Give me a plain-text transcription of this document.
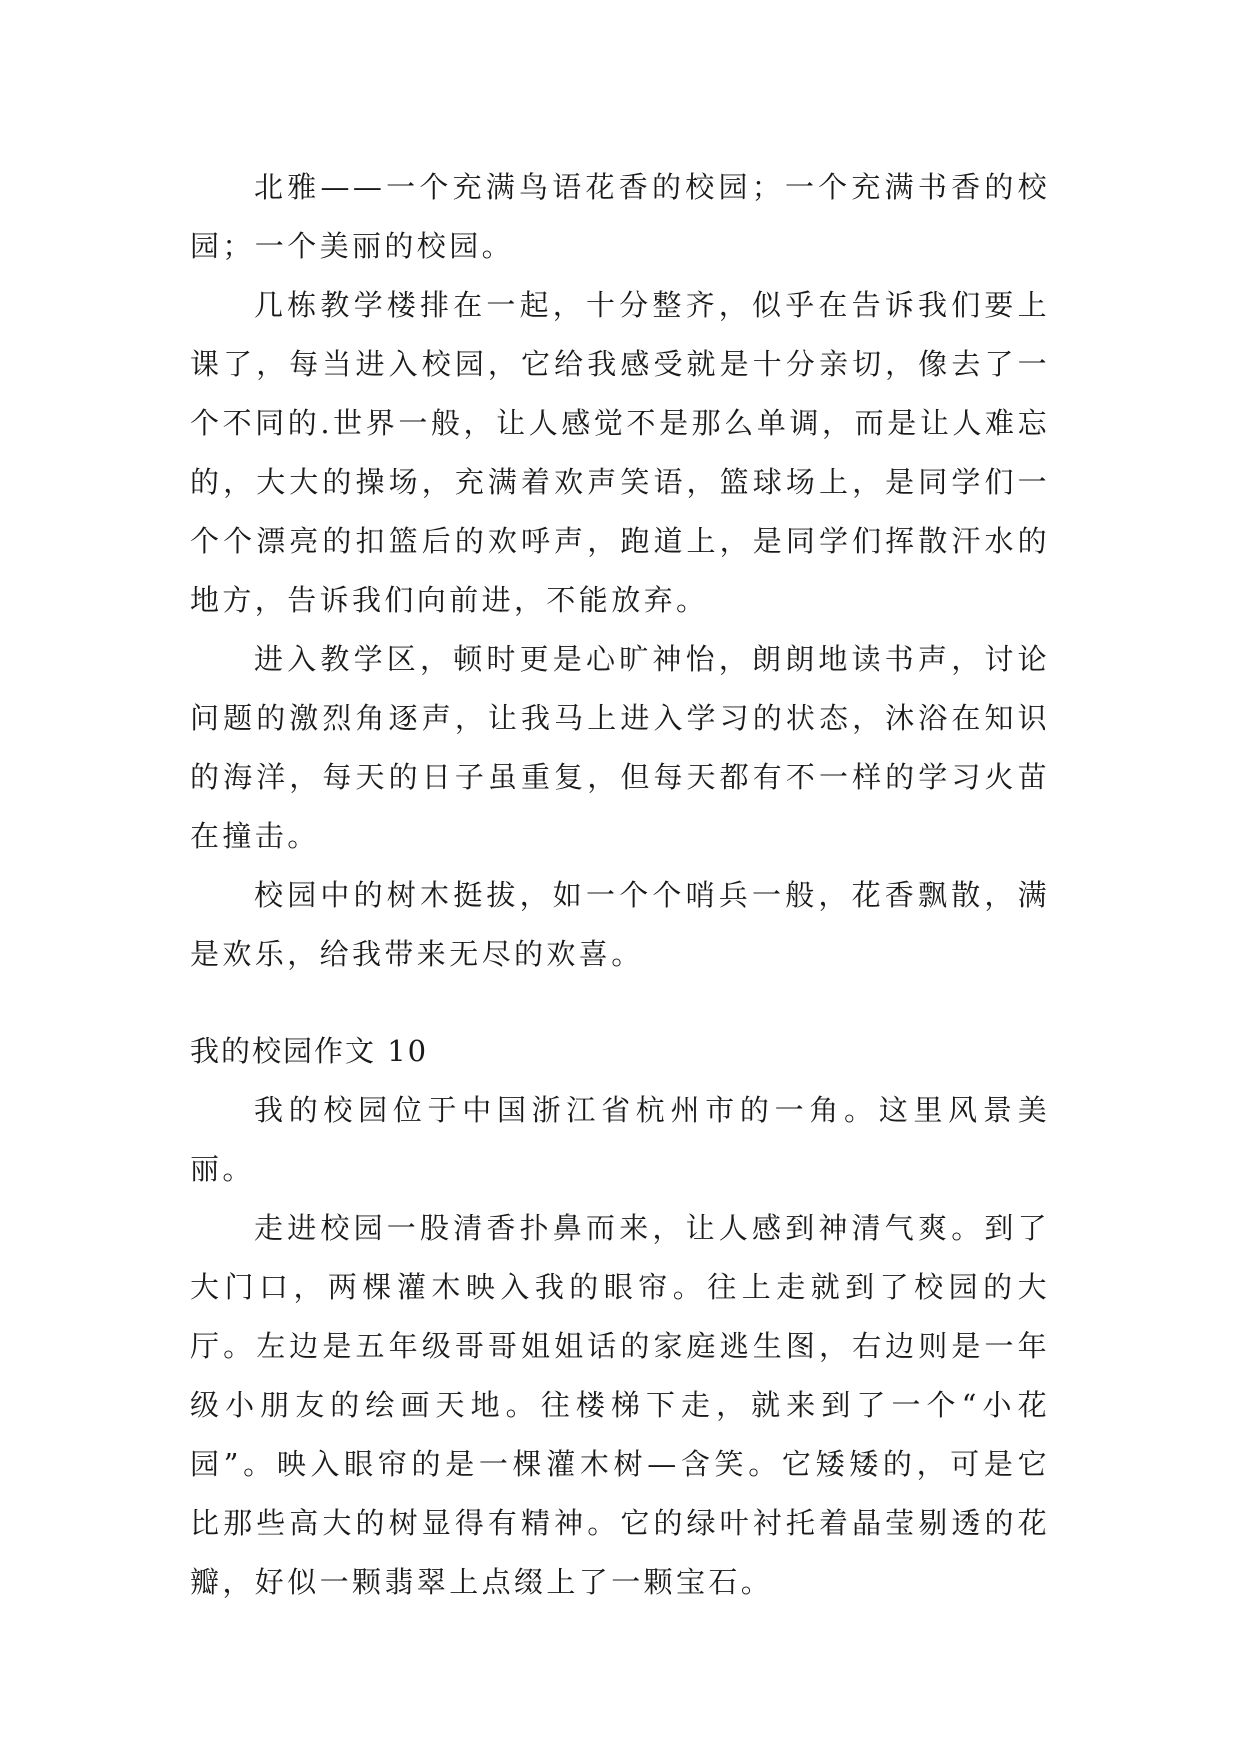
北雅——一个充满鸟语花香的校园；一个充满书香的校园；一个美丽的校园。

几栋教学楼排在一起，十分整齐，似乎在告诉我们要上课了，每当进入校园，它给我感受就是十分亲切，像去了一个不同的.世界一般，让人感觉不是那么单调，而是让人难忘的，大大的操场，充满着欢声笑语，篮球场上，是同学们一个个漂亮的扣篮后的欢呼声，跑道上，是同学们挥散汗水的地方，告诉我们向前进，不能放弃。

进入教学区，顿时更是心旷神怡，朗朗地读书声，讨论问题的激烈角逐声，让我马上进入学习的状态，沐浴在知识的海洋，每天的日子虽重复，但每天都有不一样的学习火苗在撞击。

校园中的树木挺拔，如一个个哨兵一般，花香飘散，满是欢乐，给我带来无尽的欢喜。

我的校园作文 10

我的校园位于中国浙江省杭州市的一角。这里风景美丽。

走进校园一股清香扑鼻而来，让人感到神清气爽。到了大门口，两棵灌木映入我的眼帘。往上走就到了校园的大厅。左边是五年级哥哥姐姐话的家庭逃生图，右边则是一年级小朋友的绘画天地。往楼梯下走，就来到了一个“小花园”。映入眼帘的是一棵灌木树—含笑。它矮矮的，可是它比那些高大的树显得有精神。它的绿叶衬托着晶莹剔透的花瓣，好似一颗翡翠上点缀上了一颗宝石。
